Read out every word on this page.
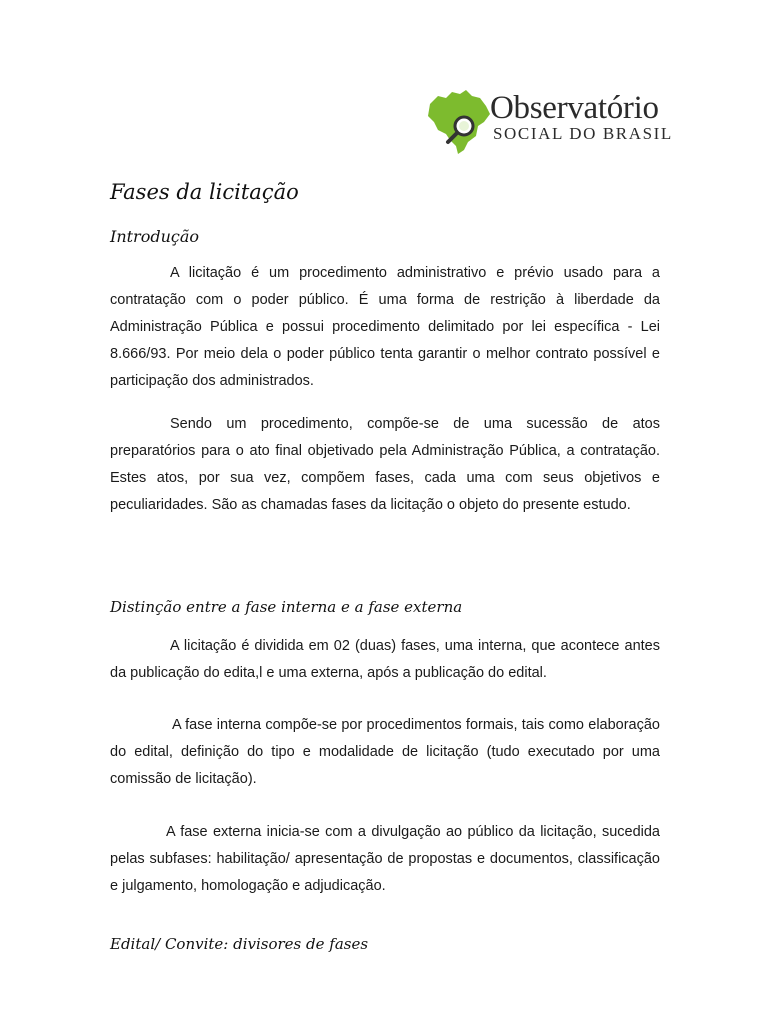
Observatório
SOCIAL DO BRASIL
Fases da licitação
Introdução

A licitação é um procedimento administrativo e prévio usado para a contratação com o poder público. É uma forma de restrição à liberdade da Administração Pública e possui procedimento delimitado por lei específica - Lei 8.666/93. Por meio dela o poder público tenta garantir o melhor contrato possível e participação dos administrados.

Sendo um procedimento, compõe-se de uma sucessão de atos preparatórios para o ato final objetivado pela Administração Pública, a contratação. Estes atos, por sua vez, compõem fases, cada uma com seus objetivos e peculiaridades. São as chamadas fases da licitação o objeto do presente estudo.

Distinção entre a fase interna e a fase externa

A licitação é dividida em 02 (duas) fases, uma interna, que acontece antes da publicação do edita,l e uma externa, após a publicação do edital.

A fase interna compõe-se por procedimentos formais, tais como elaboração do edital, definição do tipo e modalidade de licitação (tudo executado por uma comissão de licitação).

A fase externa inicia-se com a divulgação ao público da licitação, sucedida pelas subfases: habilitação/ apresentação de propostas e documentos, classificação e julgamento, homologação e adjudicação.

Edital/ Convite: divisores de fases
